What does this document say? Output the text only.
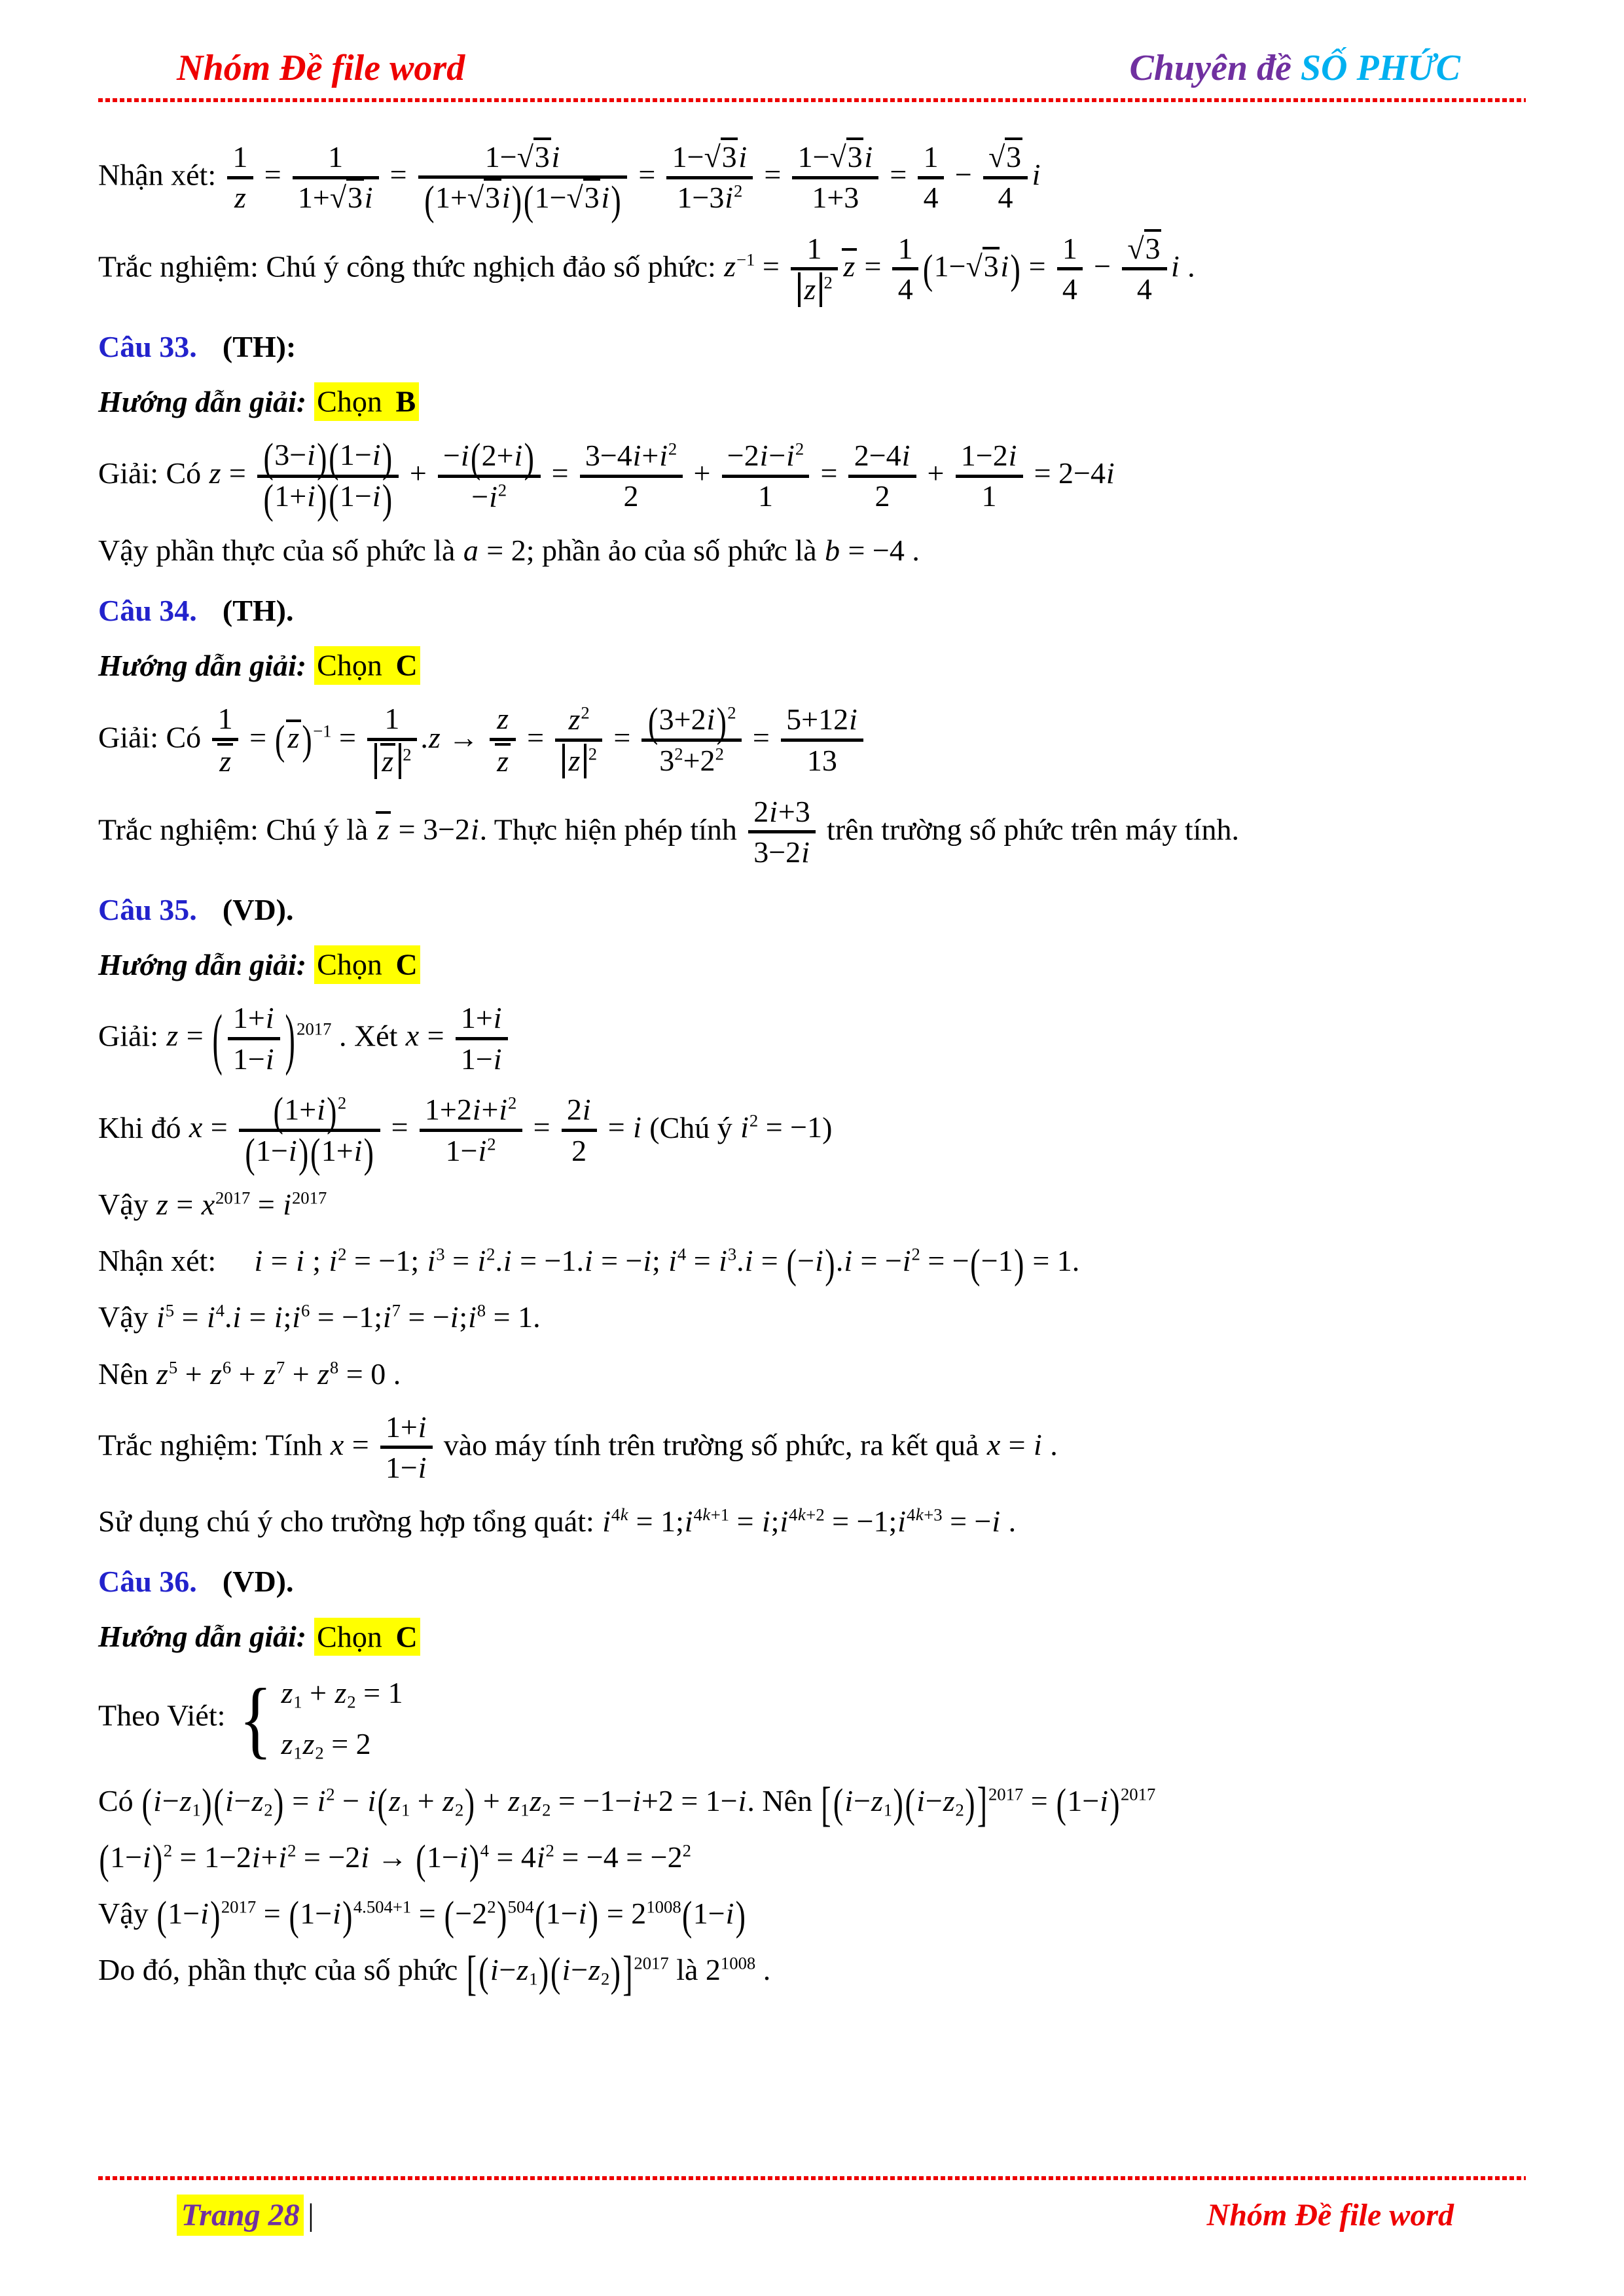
Nhóm Đề file word	Chuyên đề SỐ PHỨC
Nhận xét: $\frac{1}{z} = \frac{1}{1+√3i} = \frac{1-√3i}{(1+√3i)(1-√3i)} = \frac{1-√3i}{1-3i^2} = \frac{1-√3i}{1+3} = \frac{1}{4} - \frac{√3}{4}$ i
Trắc nghiệm: Chú ý công thức nghịch đảo số phức: $z^{-1} = \frac{1}{z ^2}$ $z = \frac{1}{4} (1-√3i) = \frac{1}{4} - \frac{√3}{4}$ i .
Câu 33. (TH):
Hướng dẫn giải: Chọn B
Giải: Có $z = \frac{(3-i)(1-i)}{(1+i)(1-i)} + \frac{-i(2+i)}{-i^2} = \frac{3-4i+i^2}{2} + \frac{-2i-i^2}{1} = \frac{2-4i}{2} + \frac{1-2i}{1} = 2-4i$
Vậy phần thực của số phức là a = 2; phần ảo của số phức là b = −4 .
Câu 34. (TH).
Hướng dẫn giải: Chọn C
Giải: Có $\frac{1}{z} = (z)^{-1} = \frac{1}{z ^2} .z \to \frac{z}{z} = \frac{z^2}{z ^2} = \frac{(3+2i)^2}{3^2+2^2} = \frac{5+12i}{13}$
Trắc nghiệm: Chú ý là z = 3−2i. Thực hiện phép tính $\frac{2i+3}{3-2i}$ trên trường số phức trên máy tính.
Câu 35. (VD).
Hướng dẫn giải: Chọn C
Giải: z = ( $\frac{1+i}{1-i} )^{2017}$ . Xét $x = \frac{1+i}{1-i}$
Khi đó $x = \frac{(1+i)^2}{(1-i)(1+i)} = \frac{1+2i+i^2}{1-i^2} = \frac{2i}{2} = i$ (Chú ý $i^2 = -1$)
Vậy $z = x^{2017} = i^{2017}$
Nhận xét:     i = i ; $i^2 = -1$; $i^3 = i^2.i = -1.i = -i$; $i^4 = i^3.i = (-i).i = -i^2 = -(-1) = 1$.
Vậy $i^5 = i^4.i$ = $i;i^6$ = $-1;i^7$ = $-i;i^8 = 1$.
Nên $z^5 + z^6 + z^7 + z^8 = 0$ .
Trắc nghiệm: Tính $x = \frac{1+i}{1-i}$ vào máy tính trên trường số phức, ra kết quả x = i .
Sử dụng chú ý cho trường hợp tổng quát: $i^{4k}$ = $1;i^{4k+1}$ = $i;i^{4k+2}$ = $-1;i^{4k+3} = -i$ .
Câu 36. (VD).
Hướng dẫn giải: Chọn C
Theo Viét: { $z_1 + z_2 = 1$
$z_1z_2 = 2$
Có $(i-z_1)(i-z_2) = i^2 - i(z_1 + z_2) + z_1z_2 = -1-i+2 = 1-i$. Nên $[(i-z_1)(i-z_2)]^{2017} = (1-i)^{2017}$
$(1-i)^2 = 1-2i+i^2 = -2i \to (1-i)^4 = 4i^2 = -4 = -2^2$
Vậy $(1-i)^{2017} = (1-i)^{4.504+1} = (-2^2)^{504}(1-i) = 2^{1008}(1-i)$
Do đó, phần thực của số phức $[(i-z_1)(i-z_2)]^{2017}$ là $2^{1008}$ .
Trang 28 |	Nhóm Đề file word
